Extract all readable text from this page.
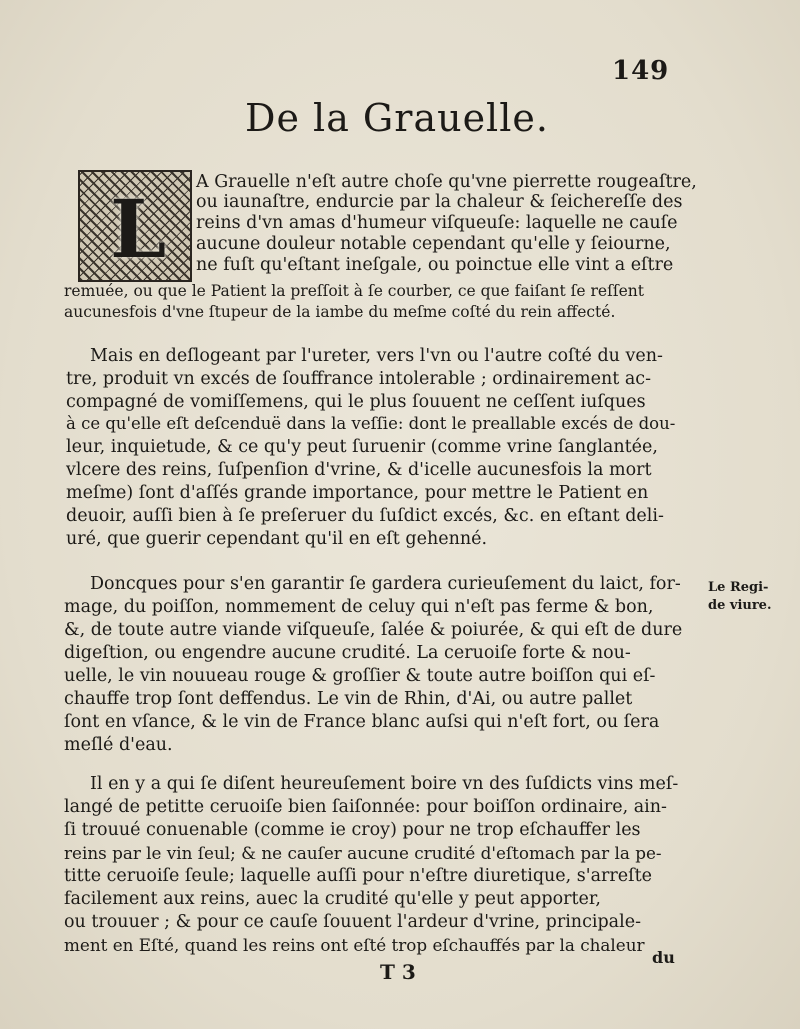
149
De la Grauelle.
L A Grauelle n'eſt autre choſe qu'vne pierrette rougeaſtre,
ou iaunaſtre, endurcie par la chaleur & ſeichereſſe des
reins d'vn amas d'humeur viſqueuſe: laquelle ne cauſe
aucune douleur notable cependant qu'elle y ſeiourne,
ne fuſt qu'eſtant ineſgale, ou poinctue elle vint a eſtre
remuée, ou que le Patient la preſſoit à ſe courber, ce que faiſant ſe reſſent
aucunesfois d'vne ſtupeur de la iambe du meſme coſté du rein affecté.
Mais en deſlogeant par l'ureter, vers l'vn ou l'autre coſté du ven-
tre, produit vn excés de ſouffrance intolerable ; ordinairement ac-
compagné de vomiſſemens, qui le plus ſouuent ne ceſſent iuſques
à ce qu'elle eſt deſcenduë dans la veſſie: dont le preallable excés de dou-
leur, inquietude, & ce qu'y peut ſuruenir (comme vrine ſanglantée,
vlcere des reins, ſuſpenſion d'vrine, & d'icelle aucunesfois la mort
meſme) ſont d'aſſés grande importance, pour mettre le Patient en
deuoir, auſſi bien à ſe preſeruer du ſuſdict excés, &c. en eſtant deli-
uré, que guerir cependant qu'il en eſt gehenné.
Doncques pour s'en garantir ſe gardera curieuſement du laict, for-
mage, du poiſſon, nommement de celuy qui n'eſt pas ferme & bon,
&, de toute autre viande viſqueuſe, ſalée & poiurée, & qui eſt de dure
digeſtion, ou engendre aucune crudité. La ceruoiſe forte & nou-
uelle, le vin nouueau rouge & groſſier & toute autre boiſſon qui eſ-
chauffe trop ſont deffendus. Le vin de Rhin, d'Ai, ou autre pallet
ſont en vſance, & le vin de France blanc auſsi qui n'eſt fort, ou ſera
meſlé d'eau.
Le Regi-
de viure.
Il en y a qui ſe diſent heureuſement boire vn des ſuſdicts vins meſ-
langé de petitte ceruoiſe bien ſaiſonnée: pour boiſſon ordinaire, ain-
ſi trouué conuenable (comme ie croy) pour ne trop eſchauffer les
reins par le vin ſeul; & ne cauſer aucune crudité d'eſtomach par la pe-
titte ceruoiſe ſeule; laquelle auſſi pour n'eſtre diuretique, s'arreſte
facilement aux reins, auec la crudité qu'elle y peut apporter,
ou trouuer ; & pour ce cauſe ſouuent l'ardeur d'vrine, principale-
ment en Eſté, quand les reins ont eſté trop eſchauffés par la chaleur
T 3
du
